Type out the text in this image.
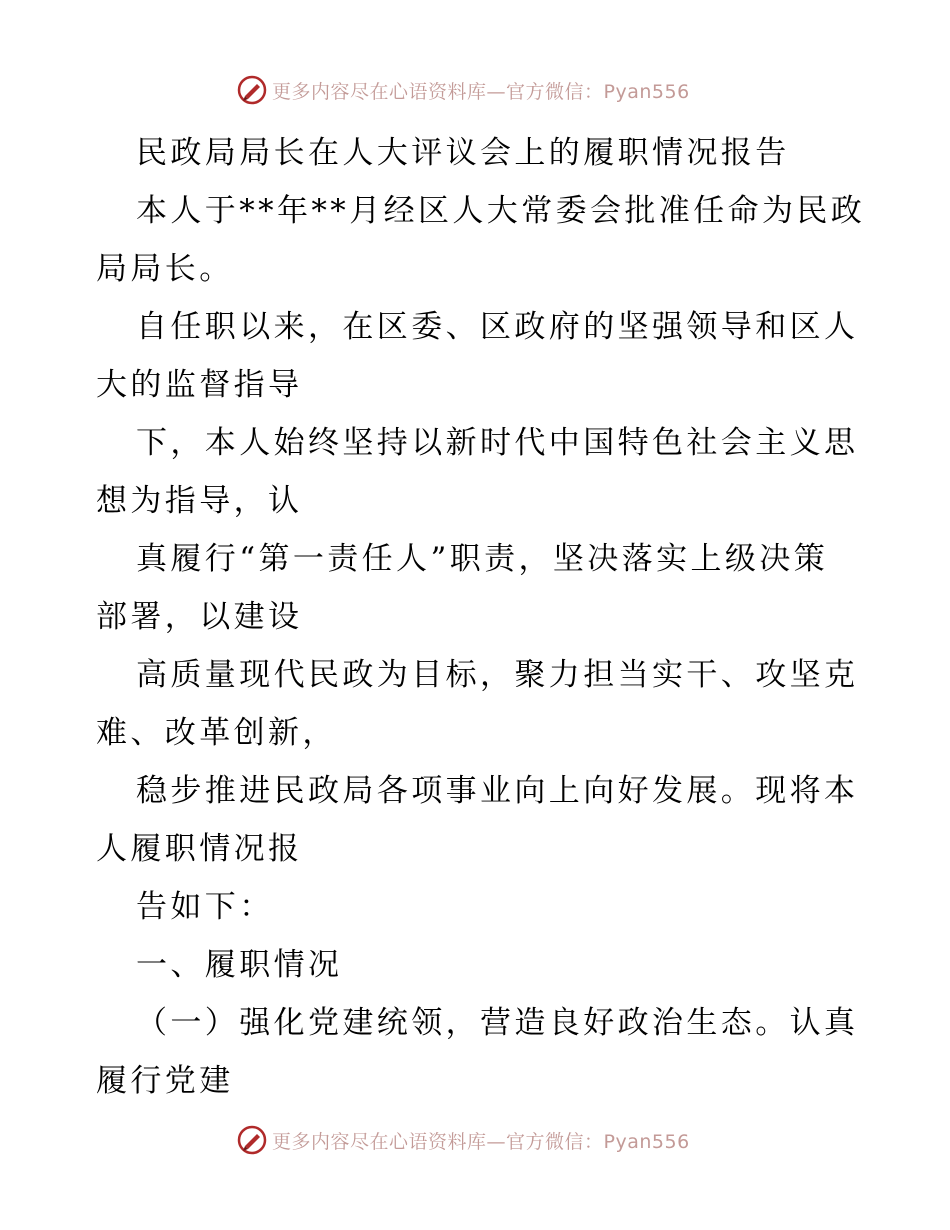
更多内容尽在心语资料库—官方微信：Pyan556

民政局局长在人大评议会上的履职情况报告

本人于**年**月经区人大常委会批准任命为民政

局局长。

自任职以来，在区委、区政府的坚强领导和区人

大的监督指导

下，本人始终坚持以新时代中国特色社会主义思

想为指导，认

真履行“第一责任人”职责，坚决落实上级决策

部署，以建设

高质量现代民政为目标，聚力担当实干、攻坚克

难、改革创新，

稳步推进民政局各项事业向上向好发展。现将本

人履职情况报

告如下：

一、履职情况

（一）强化党建统领，营造良好政治生态。认真

履行党建

更多内容尽在心语资料库—官方微信：Pyan556
